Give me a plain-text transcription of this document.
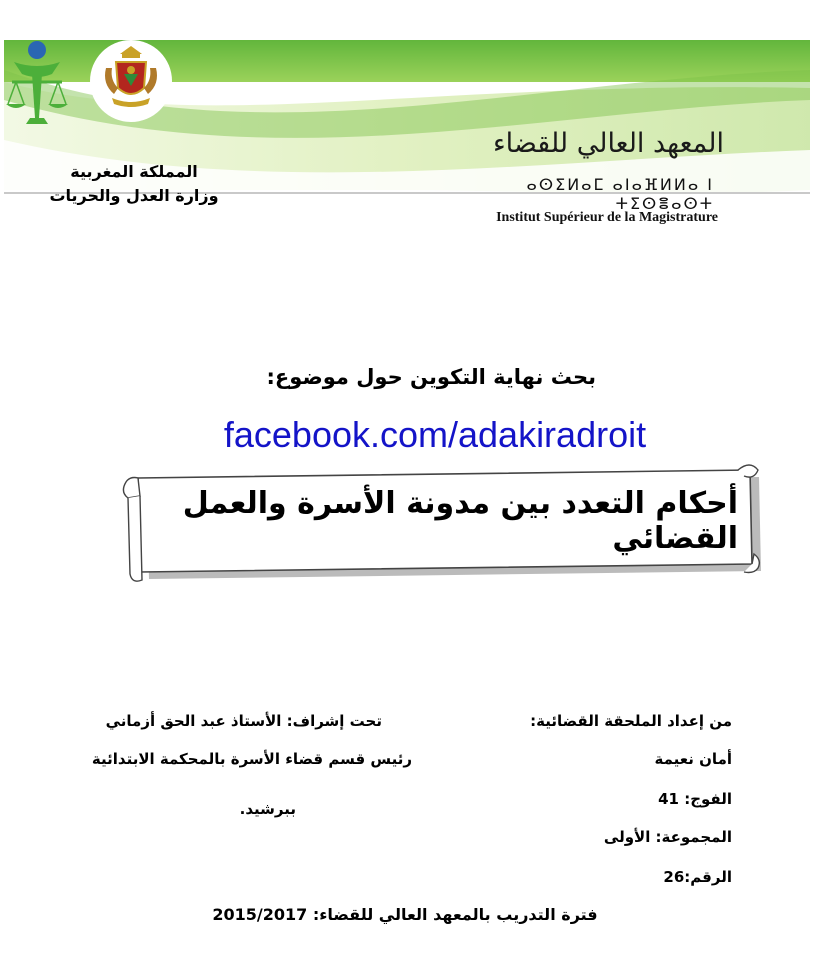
المملكة المغربية
وزارة العدل والحريات
المعهد العالي للقضاء
ⴰⵙⵉⵍⴰⵎ ⴰⵏⴰⴼⵍⵍⴰ ⵏ ⵜⵉⵙⴻⴰⵙⵜ
Institut Supérieur de la Magistrature
بحث نهاية التكوين حول موضوع:
facebook.com/adakiradroit
أحكام التعدد بين مدونة الأسرة والعمل القضائي
من إعداد الملحقة القضائية:
أمان نعيمة
الفوج: 41
المجموعة: الأولى
الرقم:26
تحت إشراف: الأستاذ عبد الحق أزماني
رئيس قسم قضاء الأسرة بالمحكمة الابتدائية
ببرشيد.
فترة التدريب بالمعهد العالي للقضاء: 2015/2017
